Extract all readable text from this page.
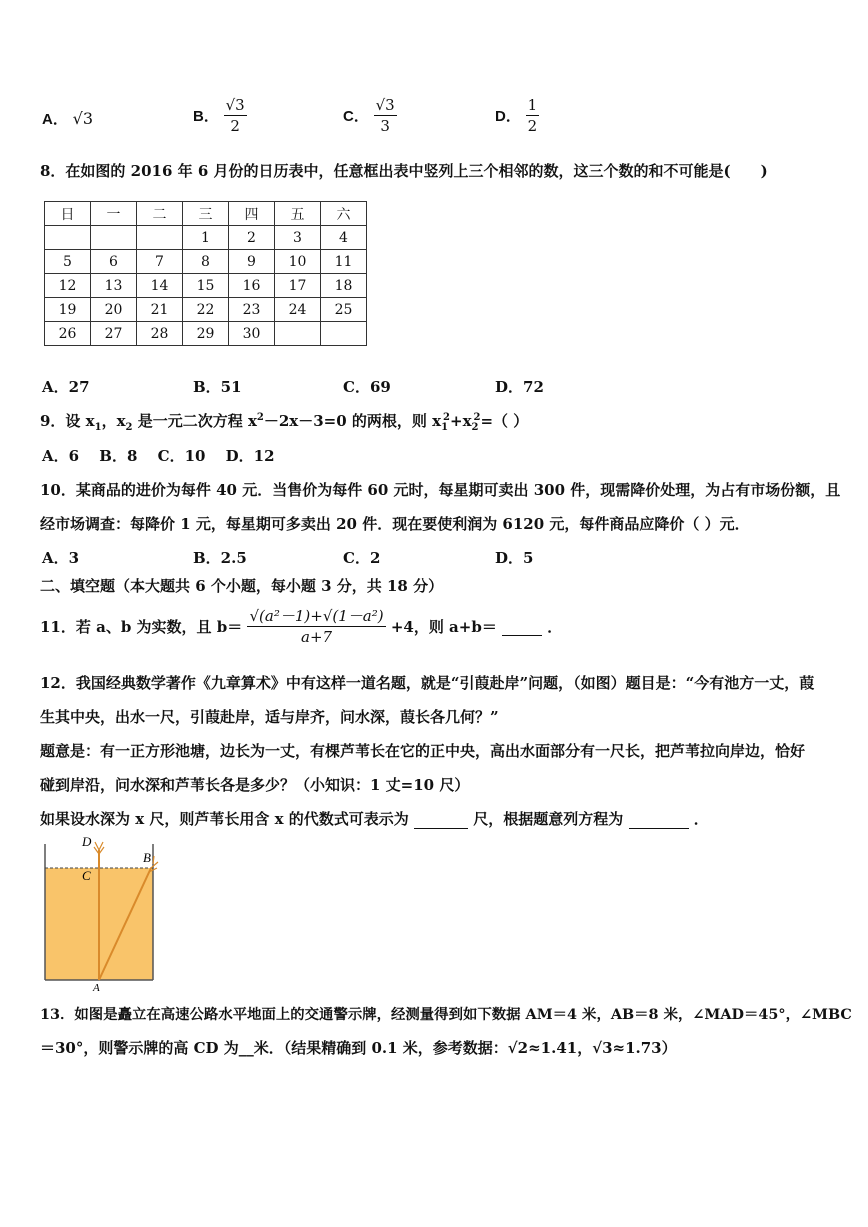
A． √3	B． $\frac{√3}{2}$	C． $\frac{√3}{3}$	D． $\frac{1}{2}$
8．在如图的 2016 年 6 月份的日历表中，任意框出表中竖列上三个相邻的数，这三个数的和不可能是(　　)
日	一	二	三	四	五	六
			1	2	3	4
5	6	7	8	9	10	11
12	13	14	15	16	17	18
19	20	21	22	23	24	25
26	27	28	29	30		
A．27	B．51	C．69	D．72
9．设 $x_1$，$x_2$ 是一元二次方程 $x^2-2x-3=0$ 的两根，则 $x_1^2+x_2^2=$（ ）
A．6　 B．8　 C．10　 D．12
10．某商品的进价为每件 40 元．当售价为每件 60 元时，每星期可卖出 300 件，现需降价处理，为占有市场份额，且
经市场调查：每降价 1 元，每星期可多卖出 20 件．现在要使利润为 6120 元，每件商品应降价（ ）元．
A．3	B．2.5	C．2	D．5
二、填空题（本大题共 6 个小题，每小题 3 分，共 18 分）
11．若 a、b 为实数，且 $b= \frac{\text{√(a²－1)+√(1－a²)}}{a+7} +4$，则 a+b＝	．
12．我国经典数学著作《九章算术》中有这样一道名题，就是“引葭赴岸”问题，（如图）题目是：“今有池方一丈，葭
生其中央，出水一尺，引葭赴岸，适与岸齐，问水深，葭长各几何？”
题意是：有一正方形池塘，边长为一丈，有棵芦苇长在它的正中央，高出水面部分有一尺长，把芦苇拉向岸边，恰好
碰到岸沿，问水深和芦苇长各是多少？（小知识：1 丈=10 尺）
如果设水深为 x 尺，则芦苇长用含 x 的代数式可表示为	尺，根据题意列方程为	．
D
C
B
A
13．如图是矗立在高速公路水平地面上的交通警示牌，经测量得到如下数据 AM＝4 米，AB＝8 米，∠MAD＝45°，∠MBC
＝30°，则警示牌的高 CD 为__米．（结果精确到 0.1 米，参考数据：√2≈1.41，√3≈1.73）
